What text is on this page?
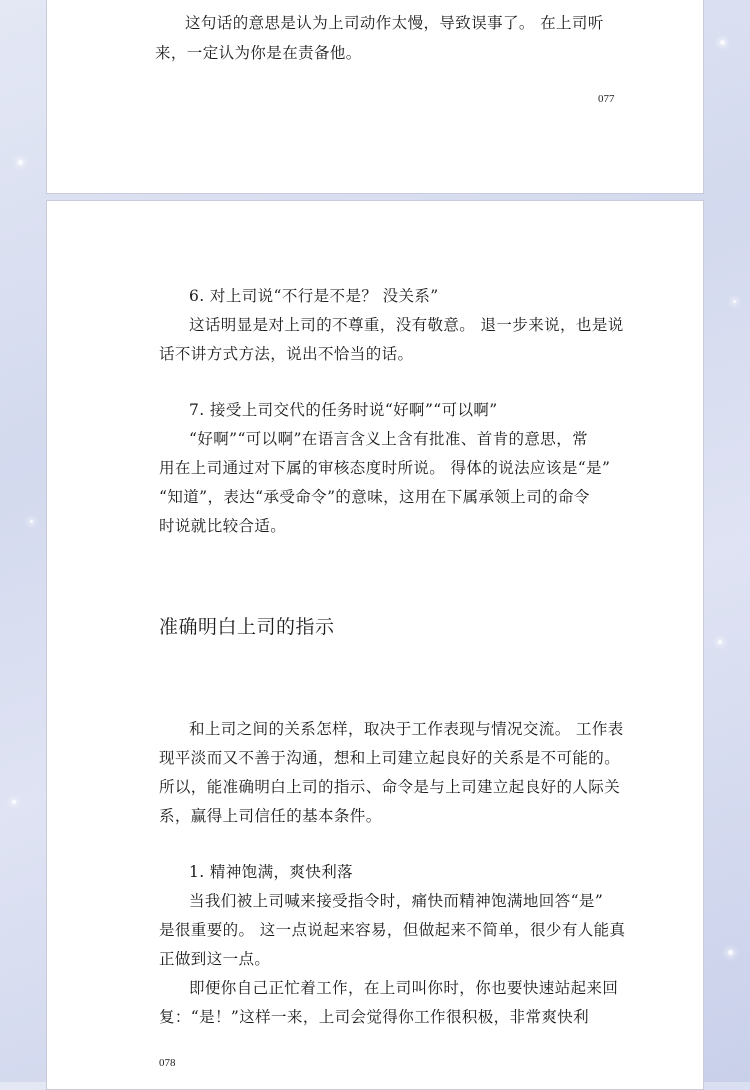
这句话的意思是认为上司动作太慢，导致误事了。 在上司听
来，一定认为你是在责备他。
077
6. 对上司说“不行是不是？ 没关系”
这话明显是对上司的不尊重，没有敬意。 退一步来说，也是说
话不讲方式方法，说出不恰当的话。
7. 接受上司交代的任务时说“好啊”“可以啊”
“好啊”“可以啊”在语言含义上含有批准、首肯的意思，常
用在上司通过对下属的审核态度时所说。 得体的说法应该是“是”
“知道”，表达“承受命令”的意味，这用在下属承领上司的命令
时说就比较合适。
准确明白上司的指示
和上司之间的关系怎样，取决于工作表现与情况交流。 工作表
现平淡而又不善于沟通，想和上司建立起良好的关系是不可能的。
所以，能准确明白上司的指示、命令是与上司建立起良好的人际关
系，赢得上司信任的基本条件。
1. 精神饱满，爽快利落
当我们被上司喊来接受指令时，痛快而精神饱满地回答“是”
是很重要的。 这一点说起来容易，但做起来不简单，很少有人能真
正做到这一点。
即便你自己正忙着工作，在上司叫你时，你也要快速站起来回
复：“是！”这样一来，上司会觉得你工作很积极，非常爽快利
078
